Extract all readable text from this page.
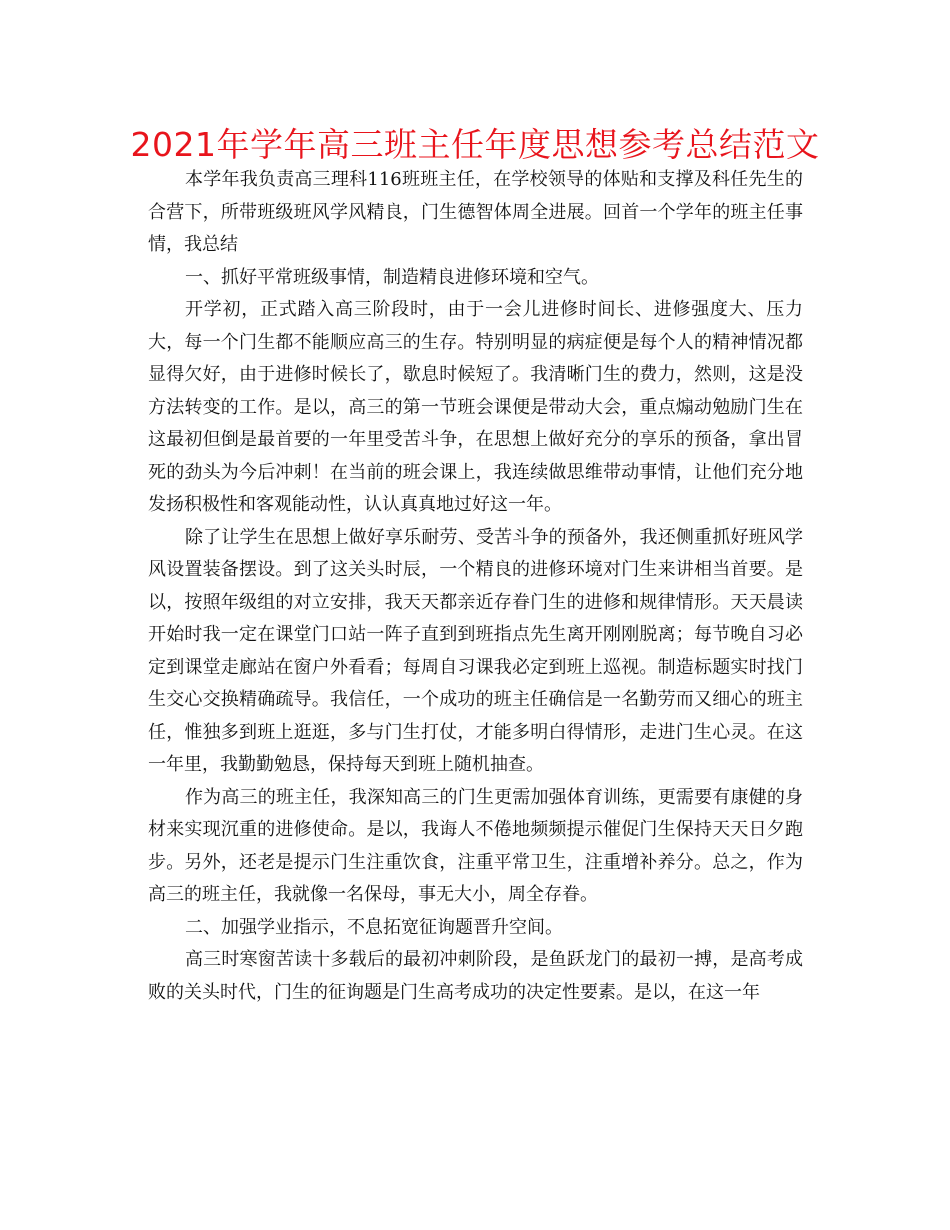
2021年学年高三班主任年度思想参考总结范文

本学年我负责高三理科116班班主任，在学校领导的体贴和支撑及科任先生的合营下，所带班级班风学风精良，门生德智体周全进展。回首一个学年的班主任事情，我总结

一、抓好平常班级事情，制造精良进修环境和空气。

开学初，正式踏入高三阶段时，由于一会儿进修时间长、进修强度大、压力大，每一个门生都不能顺应高三的生存。特别明显的病症便是每个人的精神情况都显得欠好，由于进修时候长了，歇息时候短了。我清晰门生的费力，然则，这是没方法转变的工作。是以，高三的第一节班会课便是带动大会，重点煽动勉励门生在这最初但倒是最首要的一年里受苦斗争，在思想上做好充分的享乐的预备，拿出冒死的劲头为今后冲刺！在当前的班会课上，我连续做思维带动事情，让他们充分地发扬积极性和客观能动性，认认真真地过好这一年。

除了让学生在思想上做好享乐耐劳、受苦斗争的预备外，我还侧重抓好班风学风设置装备摆设。到了这关头时辰，一个精良的进修环境对门生来讲相当首要。是以，按照年级组的对立安排，我天天都亲近存眷门生的进修和规律情形。天天晨读开始时我一定在课堂门口站一阵子直到到班指点先生离开刚刚脱离；每节晚自习必定到课堂走廊站在窗户外看看；每周自习课我必定到班上巡视。制造标题实时找门生交心交换精确疏导。我信任，一个成功的班主任确信是一名勤劳而又细心的班主任，惟独多到班上逛逛，多与门生打仗，才能多明白得情形，走进门生心灵。在这一年里，我勤勤勉恳，保持每天到班上随机抽查。

作为高三的班主任，我深知高三的门生更需加强体育训练，更需要有康健的身材来实现沉重的进修使命。是以，我诲人不倦地频频提示催促门生保持天天日夕跑步。另外，还老是提示门生注重饮食，注重平常卫生，注重增补养分。总之，作为高三的班主任，我就像一名保母，事无大小，周全存眷。

二、加强学业指示，不息拓宽征询题晋升空间。

高三时寒窗苦读十多载后的最初冲刺阶段，是鱼跃龙门的最初一搏，是高考成败的关头时代，门生的征询题是门生高考成功的决定性要素。是以，在这一年
